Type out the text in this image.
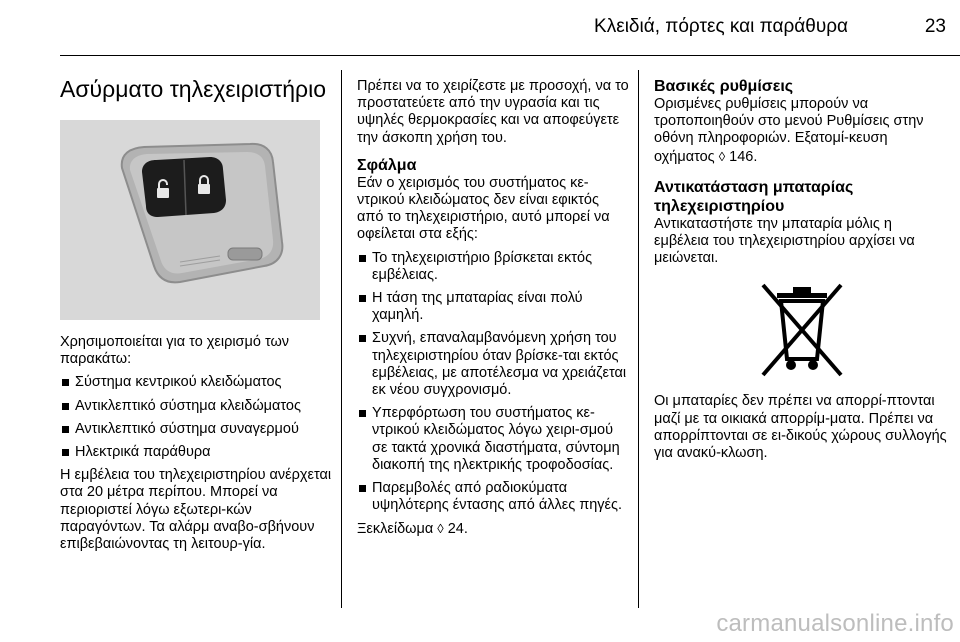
Κλειδιά, πόρτες και παράθυρα	23
Ασύρματο τηλεχειριστήριο

Χρησιμοποιείται για το χειρισμό των παρακάτω:

Σύστημα κεντρικού κλειδώματος
Αντικλεπτικό σύστημα κλειδώματος
Αντικλεπτικό σύστημα συναγερμού
Ηλεκτρικά παράθυρα

Η εμβέλεια του τηλεχειριστηρίου ανέρχεται στα 20 μέτρα περίπου. Μπορεί να περιοριστεί λόγω εξωτερι-κών παραγόντων. Τα αλάρμ αναβο-σβήνουν επιβεβαιώνοντας τη λειτουρ-γία.

Πρέπει να το χειρίζεστε με προσοχή, να το προστατεύετε από την υγρασία και τις υψηλές θερμοκρασίες και να αποφεύγετε την άσκοπη χρήση του.

Σφάλμα

Εάν ο χειρισμός του συστήματος κε-ντρικού κλειδώματος δεν είναι εφικτός από το τηλεχειριστήριο, αυτό μπορεί να οφείλεται στα εξής:

Το τηλεχειριστήριο βρίσκεται εκτός εμβέλειας.
Η τάση της μπαταρίας είναι πολύ χαμηλή.
Συχνή, επαναλαμβανόμενη χρήση του τηλεχειριστηρίου όταν βρίσκε-ται εκτός εμβέλειας, με αποτέλεσμα να χρειάζεται εκ νέου συγχρονισμό.
Υπερφόρτωση του συστήματος κε-ντρικού κλειδώματος λόγω χειρι-σμού σε τακτά χρονικά διαστήματα, σύντομη διακοπή της ηλεκτρικής τροφοδοσίας.
Παρεμβολές από ραδιοκύματα υψηλότερης έντασης από άλλες πηγές.

Ξεκλείδωμα ◊ 24.

Βασικές ρυθμίσεις

Ορισμένες ρυθμίσεις μπορούν να τροποποιηθούν στο μενού Ρυθμίσεις στην οθόνη πληροφοριών. Εξατομί-κευση οχήματος ◊ 146.

Αντικατάσταση μπαταρίας τηλεχειριστηρίου

Αντικαταστήστε την μπαταρία μόλις η εμβέλεια του τηλεχειριστηρίου αρχίσει να μειώνεται.

Οι μπαταρίες δεν πρέπει να απορρί-πτονται μαζί με τα οικιακά απορρίμ-ματα. Πρέπει να απορρίπτονται σε ει-δικούς χώρους συλλογής για ανακύ-κλωση.

carmanualsonline.info
